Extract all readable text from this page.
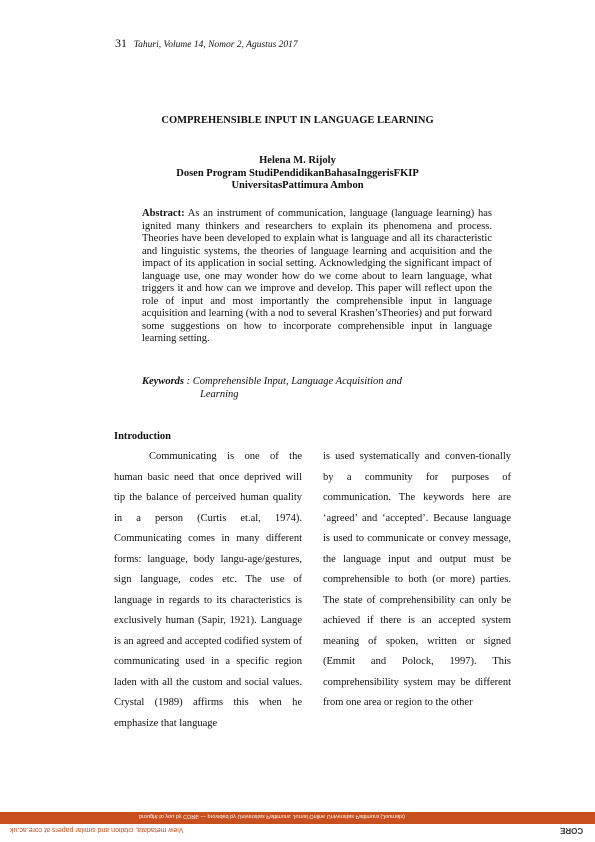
31 Tahuri, Volume 14, Nomor 2, Agustus 2017
COMPREHENSIBLE INPUT IN LANGUAGE LEARNING
Helena M. Rijoly
Dosen Program StudiPendidikanBahasaInggerisFKIP
UniversitasPattimura Ambon
Abstract: As an instrument of communication, language (language learning) has ignited many thinkers and researchers to explain its phenomena and process. Theories have been developed to explain what is language and all its characteristic and linguistic systems, the theories of language learning and acquisition and the impact of its application in social setting. Acknowledging the significant impact of language use, one may wonder how do we come about to learn language, what triggers it and how can we improve and develop. This paper will reflect upon the role of input and most importantly the comprehensible input in language acquisition and learning (with a nod to several Krashen’sTheories) and put forward some suggestions on how to incorporate comprehensible input in language learning setting.
Keywords : Comprehensible Input, Language Acquisition and
Learning
Introduction

Communicating is one of the human basic need that once deprived will tip the balance of perceived human quality in a person (Curtis et.al, 1974). Communicating comes in many different forms: language, body langu-age/gestures, sign language, codes etc. The use of language in regards to its characteristics is exclusively human (Sapir, 1921). Language is an agreed and accepted codified system of communicating used in a specific region laden with all the custom and social values. Crystal (1989) affirms this when he emphasize that language

is used systematically and conven-tionally by a community for purposes of communication. The keywords here are ‘agreed’ and ‘accepted’. Because language is used to communicate or convey message, the language input and output must be comprehensible to both (or more) parties. The state of comprehensibility can only be achieved if there is an accepted system meaning of spoken, written or signed (Emmit and Polock, 1997). This comprehensibility system may be different from one area or region to the other

brought to you by CORE — provided by Universitas Pattimura: Jurnal Online Universitas Pattimura (Journals)
View metadata, citation and similar papers at core.ac.uk	CORE
